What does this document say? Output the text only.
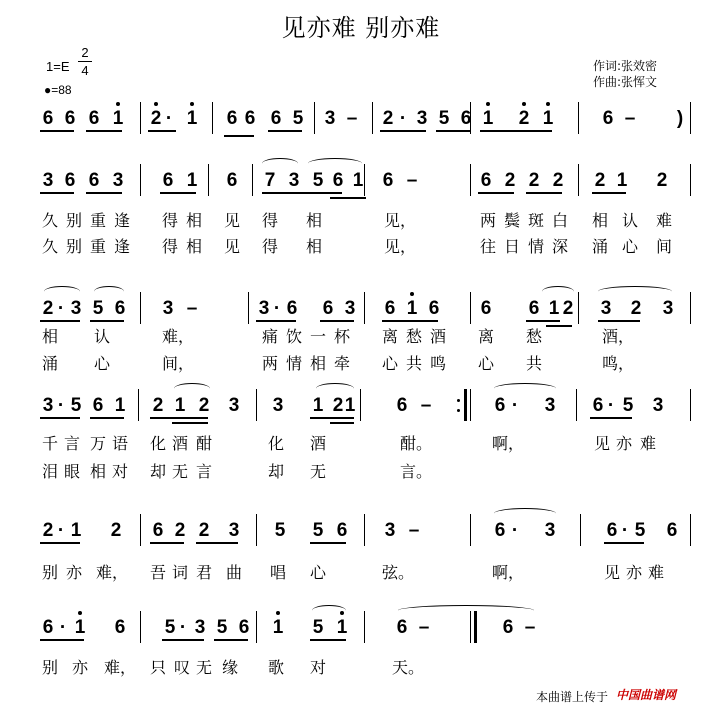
见亦难 别亦难
1=E
2
4
●=88
作词:张效密
作曲:张恽文
6 6 6 1 2 · 1 6 6 6 5 3 – 2 · 3 5 6 1 2 1	6 – )
3 6 6 3 6 1 6 7 3 5 6 1 6 –	6 2 2 2 2 1 2
久 别 重 逢 得 相 见 得 相	见，	两 鬓 斑 白 相 认 难
久 别 重 逢 得 相 见 得 相	见，	往 日 情 深 涌 心 间
2 · 3 5 6 3 –	3 · 6 6 3 6 1 6 6 6 1 2 3 2 3
相 认	难，	痛 饮 一 杯 离 愁 酒 离 愁	酒，
涌 心	间，	两 情 相 牵 心 共 鸣 心 共	鸣，
3 · 5 6 1 2 1 2 3 3 1 2 1 6 –	6 · 3 6 · 5 3
千 言 万 语 化 酒 酣	化 酒	酣。	啊，	见 亦 难
泪 眼 相 对 却 无 言	却 无	言。
2 · 1 2 6 2 2 3 5 5 6 3 –	6 · 3	6 · 5 6
别 亦 难， 吾 词 君 曲 唱 心	弦。	啊，	见 亦 难
6 · 1 6 5 · 3 5 6 1 5 1	6 –	6 –
别 亦 难， 只 叹 无 缘 歌 对	天。
本曲谱上传于 中国曲谱网
